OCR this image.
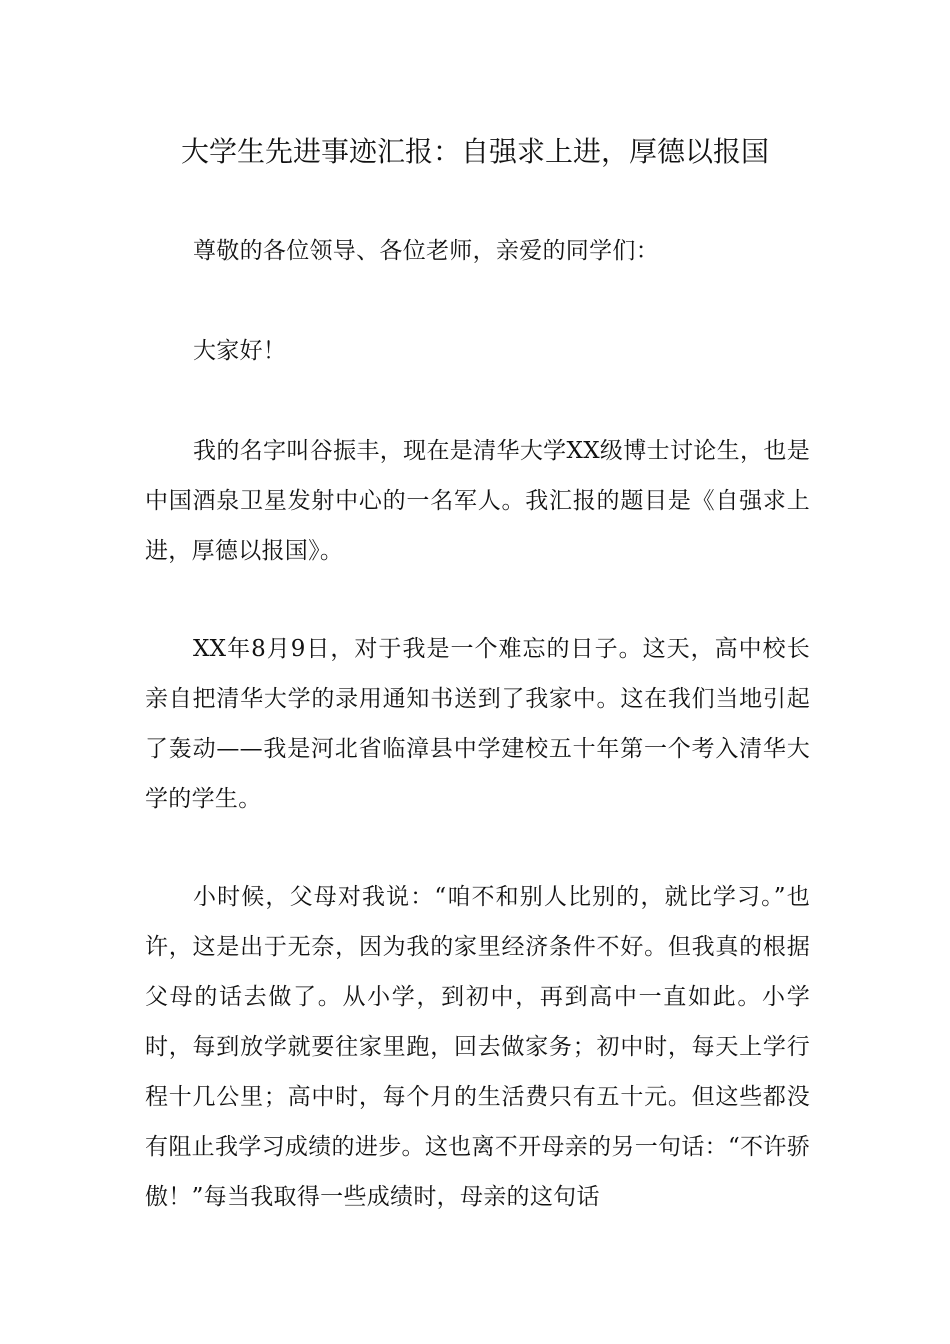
大学生先进事迹汇报：自强求上进，厚德以报国

尊敬的各位领导、各位老师，亲爱的同学们：

大家好！

我的名字叫谷振丰，现在是清华大学XX级博士讨论生，也是中国酒泉卫星发射中心的一名军人。我汇报的题目是《自强求上进，厚德以报国》。

XX年8月9日，对于我是一个难忘的日子。这天，高中校长亲自把清华大学的录用通知书送到了我家中。这在我们当地引起了轰动——我是河北省临漳县中学建校五十年第一个考入清华大学的学生。

小时候，父母对我说：“咱不和别人比别的，就比学习。”也许，这是出于无奈，因为我的家里经济条件不好。但我真的根据父母的话去做了。从小学，到初中，再到高中一直如此。小学时，每到放学就要往家里跑，回去做家务；初中时，每天上学行程十几公里；高中时，每个月的生活费只有五十元。但这些都没有阻止我学习成绩的进步。这也离不开母亲的另一句话：“不许骄傲！”每当我取得一些成绩时，母亲的这句话
